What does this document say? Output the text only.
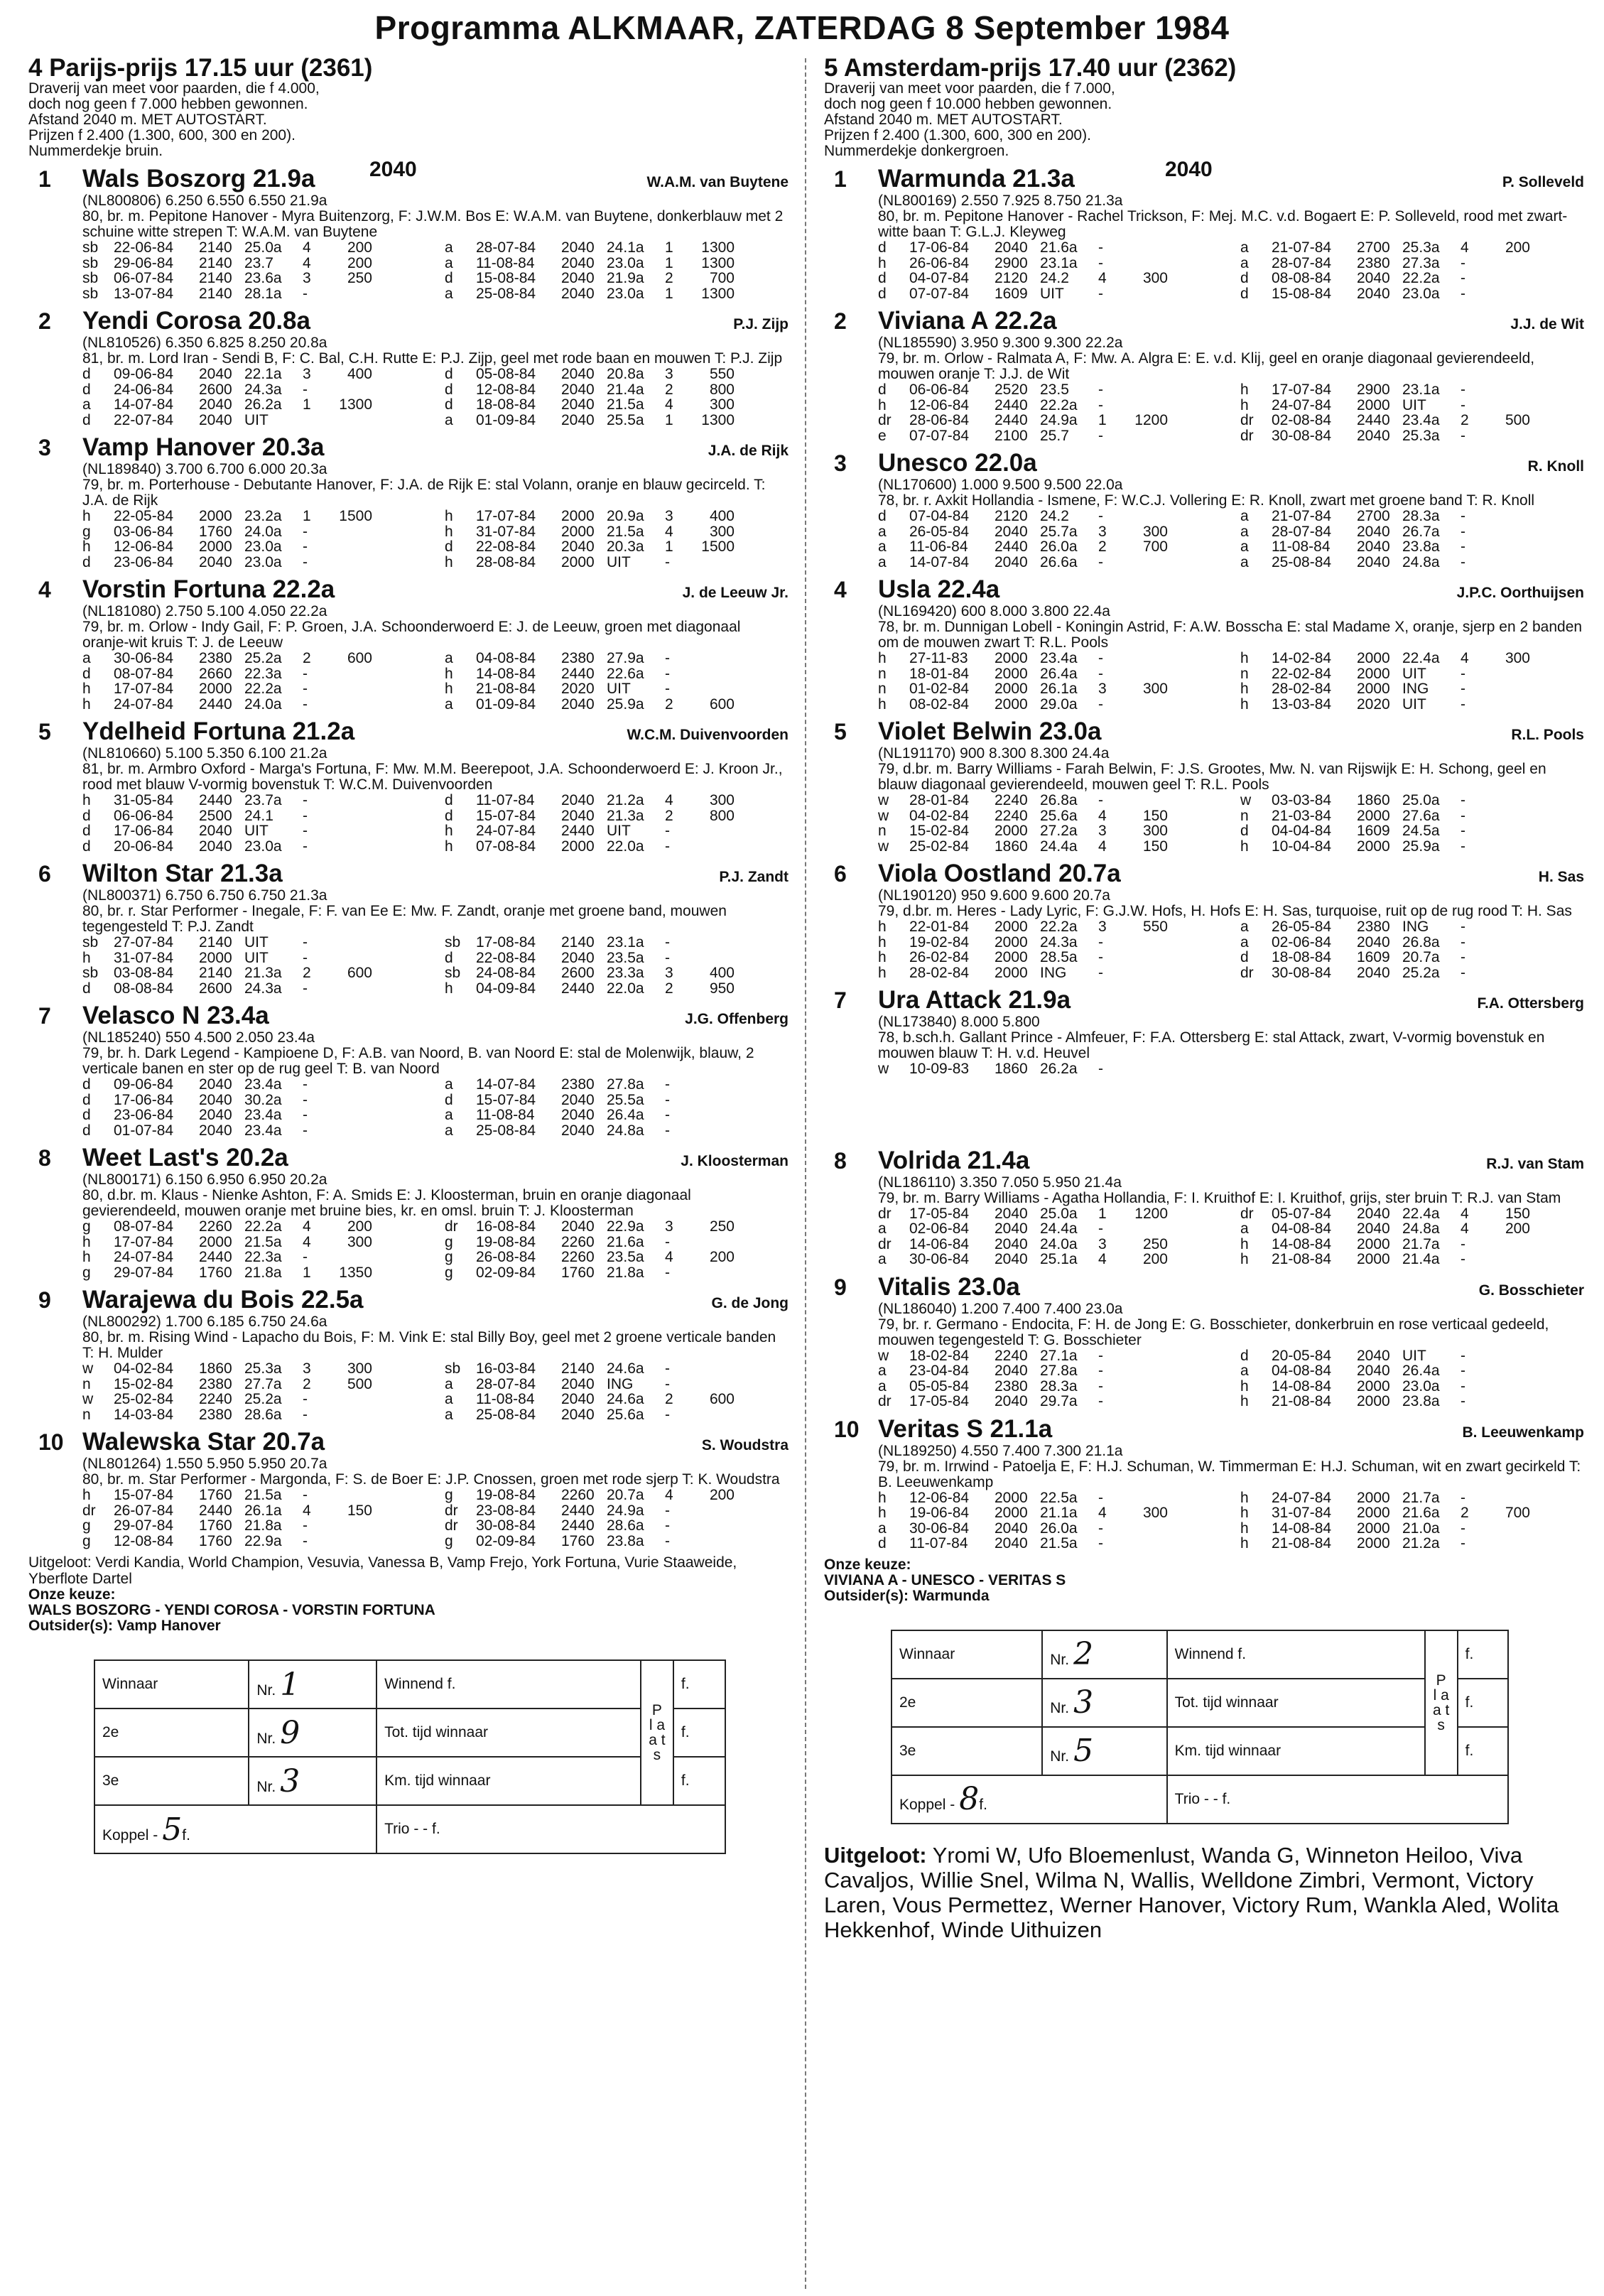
Programma ALKMAAR, ZATERDAG 8 September 1984
4 Parijs-prijs 17.15 uur (2361)
Draverij van meet voor paarden, die f 4.000,
doch nog geen f 7.000 hebben gewonnen.
Afstand 2040 m. MET AUTOSTART.
Prijzen f 2.400 (1.300, 600, 300 en 200).
Nummerdekje bruin.
2040
1	Wals Boszorg 21.9a	W.A.M. van Buytene
(NL800806) 6.250 6.550 6.550 21.9a
80, br. m. Pepitone Hanover - Myra Buitenzorg, F: J.W.M. Bos E: W.A.M. van Buytene, donkerblauw met 2 schuine witte strepen T: W.A.M. van Buytene
sb	22-06-84	2140 25.0a	4	200	a	28-07-84	2040 24.1a	1	1300
sb	29-06-84	2140 23.7	4	200	a	11-08-84	2040 23.0a	1	1300
sb	06-07-84	2140 23.6a	3	250	d	15-08-84	2040 21.9a	2	700
sb	13-07-84	2140 28.1a	-	a	25-08-84	2040 23.0a	1	1300
2	Yendi Corosa 20.8a	P.J. Zijp
(NL810526) 6.350 6.825 8.250 20.8a
81, br. m. Lord Iran - Sendi B, F: C. Bal, C.H. Rutte E: P.J. Zijp, geel met rode baan en mouwen T: P.J. Zijp
d	09-06-84	2040 22.1a	3	400	d	05-08-84	2040 20.8a	3	550
d	24-06-84	2600 24.3a	-	d	12-08-84	2040 21.4a	2	800
a	14-07-84	2040 26.2a	1	1300	d	18-08-84	2040 21.5a	4	300
d	22-07-84	2040 UIT	a	01-09-84	2040 25.5a	1	1300
3	Vamp Hanover 20.3a	J.A. de Rijk
(NL189840) 3.700 6.700 6.000 20.3a
79, br. m. Porterhouse - Debutante Hanover, F: J.A. de Rijk E: stal Volann, oranje en blauw gecirceld. T: J.A. de Rijk
h	22-05-84	2000 23.2a	1	1500	h	17-07-84	2000 20.9a	3	400
g	03-06-84	1760 24.0a	-	h	31-07-84	2000 21.5a	4	300
h	12-06-84	2000 23.0a	-	d	22-08-84	2040 20.3a	1	1500
d	23-06-84	2040 23.0a	-	h	28-08-84	2000 UIT	-
4	Vorstin Fortuna 22.2a	J. de Leeuw Jr.
(NL181080) 2.750 5.100 4.050 22.2a
79, br. m. Orlow - Indy Gail, F: P. Groen, J.A. Schoonderwoerd E: J. de Leeuw, groen met diagonaal oranje-wit kruis T: J. de Leeuw
a	30-06-84	2380 25.2a	2	600	a	04-08-84	2380 27.9a	-
d	08-07-84	2660 22.3a	-	h	14-08-84	2440 22.6a	-
h	17-07-84	2000 22.2a	-	h	21-08-84	2020 UIT	-
h	24-07-84	2440 24.0a	-	a	01-09-84	2040 25.9a	2	600
5	Ydelheid Fortuna 21.2a	W.C.M. Duivenvoorden
(NL810660) 5.100 5.350 6.100 21.2a
81, br. m. Armbro Oxford - Marga's Fortuna, F: Mw. M.M. Beerepoot, J.A. Schoonderwoerd E: J. Kroon Jr., rood met blauw V-vormig bovenstuk T: W.C.M. Duivenvoorden
h	31-05-84	2440 23.7a	-	d	11-07-84	2040 21.2a	4	300
d	06-06-84	2500 24.1	-	d	15-07-84	2040 21.3a	2	800
d	17-06-84	2040 UIT	-	h	24-07-84	2440 UIT	-
d	20-06-84	2040 23.0a	-	h	07-08-84	2000 22.0a	-
6	Wilton Star 21.3a	P.J. Zandt
(NL800371) 6.750 6.750 6.750 21.3a
80, br. r. Star Performer - Inegale, F: F. van Ee E: Mw. F. Zandt, oranje met groene band, mouwen tegengesteld T: P.J. Zandt
sb	27-07-84	2140 UIT	-	sb	17-08-84	2140 23.1a	-
h	31-07-84	2000 UIT	-	d	22-08-84	2040 23.5a	-
sb	03-08-84	2140 21.3a	2	600	sb	24-08-84	2600 23.3a	3	400
d	08-08-84	2600 24.3a	-	h	04-09-84	2440 22.0a	2	950
7	Velasco N 23.4a	J.G. Offenberg
(NL185240) 550 4.500 2.050 23.4a
79, br. h. Dark Legend - Kampioene D, F: A.B. van Noord, B. van Noord E: stal de Molenwijk, blauw, 2 verticale banen en ster op de rug geel T: B. van Noord
d	09-06-84	2040 23.4a	-	a	14-07-84	2380 27.8a	-
d	17-06-84	2040 30.2a	-	d	15-07-84	2040 25.5a	-
d	23-06-84	2040 23.4a	-	a	11-08-84	2040 26.4a	-
d	01-07-84	2040 23.4a	-	a	25-08-84	2040 24.8a	-
8	Weet Last's 20.2a	J. Kloosterman
(NL800171) 6.150 6.950 6.950 20.2a
80, d.br. m. Klaus - Nienke Ashton, F: A. Smids E: J. Kloosterman, bruin en oranje diagonaal gevierendeeld, mouwen oranje met bruine bies, kr. en omsl. bruin T: J. Kloosterman
g	08-07-84	2260 22.2a	4	200	dr	16-08-84	2040 22.9a	3	250
h	17-07-84	2000 21.5a	4	300	g	19-08-84	2260 21.6a	-
h	24-07-84	2440 22.3a	-	g	26-08-84	2260 23.5a	4	200
g	29-07-84	1760 21.8a	1	1350	g	02-09-84	1760 21.8a	-
9	Warajewa du Bois 22.5a	G. de Jong
(NL800292) 1.700 6.185 6.750 24.6a
80, br. m. Rising Wind - Lapacho du Bois, F: M. Vink E: stal Billy Boy, geel met 2 groene verticale banden T: H. Mulder
w	04-02-84	1860 25.3a	3	300	sb	16-03-84	2140 24.6a	-
n	15-02-84	2380 27.7a	2	500	a	28-07-84	2040 ING	-
w	25-02-84	2240 25.2a	-	a	11-08-84	2040 24.6a	2	600
n	14-03-84	2380 28.6a	-	a	25-08-84	2040 25.6a	-
10 Walewska Star 20.7a	S. Woudstra
(NL801264) 1.550 5.950 5.950 20.7a
80, br. m. Star Performer - Margonda, F: S. de Boer E: J.P. Cnossen, groen met rode sjerp T: K. Woudstra
h	15-07-84	1760 21.5a	-	g	19-08-84	2260 20.7a	4	200
dr	26-07-84	2440 26.1a	4	150	dr	23-08-84	2440 24.9a	-
g	29-07-84	1760 21.8a	-	dr	30-08-84	2440 28.6a	-
g	12-08-84	1760 22.9a	-	g	02-09-84	1760 23.8a	-
Uitgeloot: Verdi Kandia, World Champion, Vesuvia, Vanessa B, Vamp Frejo, York Fortuna, Vurie Staaweide, Yberflote Dartel
Onze keuze:
WALS BOSZORG - YENDI COROSA - VORSTIN FORTUNA
Outsider(s): Vamp Hanover
Winnaar	Nr. 1	Winnend f.	P l a a t s	f.
2e	Nr. 9	Tot. tijd winnaar		f.
3e	Nr. 3	Km. tijd winnaar		f.
Koppel - 5f.		Trio - - f.		
5 Amsterdam-prijs 17.40 uur (2362)
Draverij van meet voor paarden, die f 7.000,
doch nog geen f 10.000 hebben gewonnen.
Afstand 2040 m. MET AUTOSTART.
Prijzen f 2.400 (1.300, 600, 300 en 200).
Nummerdekje donkergroen.
2040
1	Warmunda 21.3a	P. Solleveld
(NL800169) 2.550 7.925 8.750 21.3a
80, br. m. Pepitone Hanover - Rachel Trickson, F: Mej. M.C. v.d. Bogaert E: P. Solleveld, rood met zwart-witte baan T: G.L.J. Kleyweg
d	17-06-84	2040 21.6a	-	a	21-07-84	2700 25.3a	4	200
h	26-06-84	2900 23.1a	-	a	28-07-84	2380 27.3a	-
d	04-07-84	2120 24.2	4	300	d	08-08-84	2040 22.2a	-
d	07-07-84	1609 UIT	-	d	15-08-84	2040 23.0a	-
2	Viviana A 22.2a	J.J. de Wit
(NL185590) 3.950 9.300 9.300 22.2a
79, br. m. Orlow - Ralmata A, F: Mw. A. Algra E: E. v.d. Klij, geel en oranje diagonaal gevierendeeld, mouwen oranje T: J.J. de Wit
d	06-06-84	2520 23.5	-	h	17-07-84	2900 23.1a	-
h	12-06-84	2440 22.2a	-	h	24-07-84	2000 UIT	-
dr	28-06-84	2440 24.9a	1	1200	dr	02-08-84	2440 23.4a	2	500
e	07-07-84	2100 25.7	-	dr	30-08-84	2040 25.3a	-
3	Unesco 22.0a	R. Knoll
(NL170600) 1.000 9.500 9.500 22.0a
78, br. r. Axkit Hollandia - Ismene, F: W.C.J. Vollering E: R. Knoll, zwart met groene band T: R. Knoll
d	07-04-84	2120 24.2	-	a	21-07-84	2700 28.3a	-
a	26-05-84	2040 25.7a	3	300	a	28-07-84	2040 26.7a	-
a	11-06-84	2440 26.0a	2	700	a	11-08-84	2040 23.8a	-
a	14-07-84	2040 26.6a	-	a	25-08-84	2040 24.8a	-
4	Usla 22.4a	J.P.C. Oorthuijsen
(NL169420) 600 8.000 3.800 22.4a
78, br. m. Dunnigan Lobell - Koningin Astrid, F: A.W. Bosscha E: stal Madame X, oranje, sjerp en 2 banden om de mouwen zwart T: R.L. Pools
h	27-11-83	2000 23.4a	-	h	14-02-84	2000 22.4a	4	300
n	18-01-84	2000 26.4a	-	n	22-02-84	2000 UIT	-
n	01-02-84	2000 26.1a	3	300	h	28-02-84	2000 ING	-
h	08-02-84	2000 29.0a	-	h	13-03-84	2020 UIT	-
5	Violet Belwin 23.0a	R.L. Pools
(NL191170) 900 8.300 8.300 24.4a
79, d.br. m. Barry Williams - Farah Belwin, F: J.S. Grootes, Mw. N. van Rijswijk E: H. Schong, geel en blauw diagonaal gevierendeeld, mouwen geel T: R.L. Pools
w	28-01-84	2240 26.8a	-	w	03-03-84	1860 25.0a	-
w	04-02-84	2240 25.6a	4	150	n	21-03-84	2000 27.6a	-
n	15-02-84	2000 27.2a	3	300	d	04-04-84	1609 24.5a	-
w	25-02-84	1860 24.4a	4	150	h	10-04-84	2000 25.9a	-
6	Viola Oostland 20.7a	H. Sas
(NL190120) 950 9.600 9.600 20.7a
79, d.br. m. Heres - Lady Lyric, F: G.J.W. Hofs, H. Hofs E: H. Sas, turquoise, ruit op de rug rood T: H. Sas
h	22-01-84	2000 22.2a	3	550	a	26-05-84	2380 ING	-
h	19-02-84	2000 24.3a	-	a	02-06-84	2040 26.8a	-
h	26-02-84	2000 28.5a	-	d	18-08-84	1609 20.7a	-
h	28-02-84	2000 ING	-	dr	30-08-84	2040 25.2a	-
7	Ura Attack 21.9a	F.A. Ottersberg
(NL173840) 8.000 5.800
78, b.sch.h. Gallant Prince - Almfeuer, F: F.A. Ottersberg E: stal Attack, zwart, V-vormig bovenstuk en mouwen blauw T: H. v.d. Heuvel
w	10-09-83	1860 26.2a	-
8	Volrida 21.4a	R.J. van Stam
(NL186110) 3.350 7.050 5.950 21.4a
79, br. m. Barry Williams - Agatha Hollandia, F: I. Kruithof E: I. Kruithof, grijs, ster bruin T: R.J. van Stam
dr	17-05-84	2040 25.0a	1	1200	dr	05-07-84	2040 22.4a	4	150
a	02-06-84	2040 24.4a	-	a	04-08-84	2040 24.8a	4	200
dr	14-06-84	2040 24.0a	3	250	h	14-08-84	2000 21.7a	-
a	30-06-84	2040 25.1a	4	200	h	21-08-84	2000 21.4a	-
9	Vitalis 23.0a	G. Bosschieter
(NL186040) 1.200 7.400 7.400 23.0a
79, br. r. Germano - Endocita, F: H. de Jong E: G. Bosschieter, donkerbruin en rose verticaal gedeeld, mouwen tegengesteld T: G. Bosschieter
w	18-02-84	2240 27.1a	-	d	20-05-84	2040 UIT	-
a	23-04-84	2040 27.8a	-	a	04-08-84	2040 26.4a	-
a	05-05-84	2380 28.3a	-	h	14-08-84	2000 23.0a	-
dr	17-05-84	2040 29.7a	-	h	21-08-84	2000 23.8a	-
10 Veritas S 21.1a	B. Leeuwenkamp
(NL189250) 4.550 7.400 7.300 21.1a
79, br. m. Irrwind - Patoelja E, F: H.J. Schuman, W. Timmerman E: H.J. Schuman, wit en zwart gecirkeld T: B. Leeuwenkamp
h	12-06-84	2000 22.5a	-	h	24-07-84	2000 21.7a	-
h	19-06-84	2000 21.1a	4	300	h	31-07-84	2000 21.6a	2	700
a	30-06-84	2040 26.0a	-	h	14-08-84	2000 21.0a	-
d	11-07-84	2040 21.5a	-	h	21-08-84	2000 21.2a	-
Onze keuze:
VIVIANA A - UNESCO - VERITAS S
Outsider(s): Warmunda
Winnaar	Nr. 2	Winnend f.	P l a a t s	f.
2e	Nr. 3	Tot. tijd winnaar		f.
3e	Nr. 5	Km. tijd winnaar		f.
Koppel - 8f.		Trio - - f.		
Uitgeloot: Yromi W, Ufo Bloemenlust, Wanda G, Winneton Heiloo, Viva Cavaljos, Willie Snel, Wilma N, Wallis, Welldone Zimbri, Vermont, Victory Laren, Vous Permettez, Werner Hanover, Victory Rum, Wankla Aled, Wolita Hekkenhof, Winde Uithuizen
